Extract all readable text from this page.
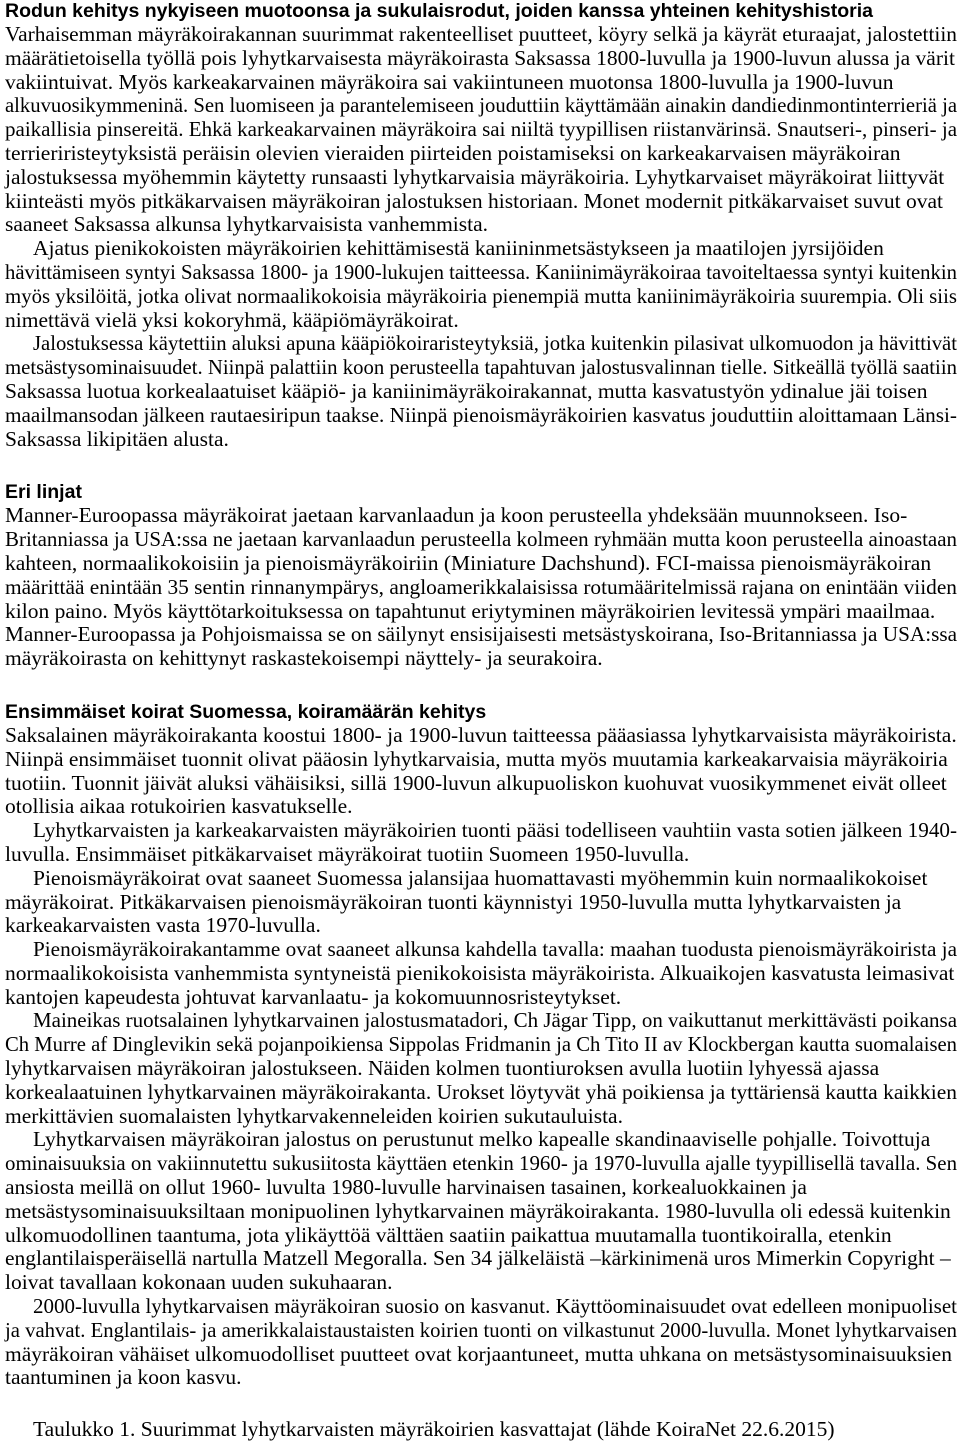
Rodun kehitys nykyiseen muotoonsa ja sukulaisrodut, joiden kanssa yhteinen kehityshistoria

Varhaisemman mäyräkoirakannan suurimmat rakenteelliset puutteet, köyry selkä ja käyrät eturaajat, jalostettiin
määrätietoisella työllä pois lyhytkarvaisesta mäyräkoirasta Saksassa 1800-luvulla ja 1900-luvun alussa ja värit
vakiintuivat. Myös karkeakarvainen mäyräkoira sai vakiintuneen muotonsa 1800-luvulla ja 1900-luvun
alkuvuosikymmeninä. Sen luomiseen ja parantelemiseen jouduttiin käyttämään ainakin dandiedinmontinterrieriä ja
paikallisia pinsereitä. Ehkä karkeakarvainen mäyräkoira sai niiltä tyypillisen riistanvärinsä. Snautseri-, pinseri- ja
terrieriristeytyksistä peräisin olevien vieraiden piirteiden poistamiseksi on karkeakarvaisen mäyräkoiran
jalostuksessa myöhemmin käytetty runsaasti lyhytkarvaisia mäyräkoiria. Lyhytkarvaiset mäyräkoirat liittyvät
kiinteästi myös pitkäkarvaisen mäyräkoiran jalostuksen historiaan. Monet modernit pitkäkarvaiset suvut ovat
saaneet Saksassa alkunsa lyhytkarvaisista vanhemmista.

Ajatus pienikokoisten mäyräkoirien kehittämisestä kaniininmetsästykseen ja maatilojen jyrsijöiden
hävittämiseen syntyi Saksassa 1800- ja 1900-lukujen taitteessa. Kaniinimäyräkoiraa tavoiteltaessa syntyi kuitenkin
myös yksilöitä, jotka olivat normaalikokoisia mäyräkoiria pienempiä mutta kaniinimäyräkoiria suurempia. Oli siis
nimettävä vielä yksi kokoryhmä, kääpiömäyräkoirat.

Jalostuksessa käytettiin aluksi apuna kääpiökoiraristeytyksiä, jotka kuitenkin pilasivat ulkomuodon ja hävittivät
metsästysominaisuudet. Niinpä palattiin koon perusteella tapahtuvan jalostusvalinnan tielle. Sitkeällä työllä saatiin
Saksassa luotua korkealaatuiset kääpiö- ja kaniinimäyräkoirakannat, mutta kasvatustyön ydinalue jäi toisen
maailmansodan jälkeen rautaesiripun taakse. Niinpä pienoismäyräkoirien kasvatus jouduttiin aloittamaan Länsi-
Saksassa likipitäen alusta.

Eri linjat

Manner-Euroopassa mäyräkoirat jaetaan karvanlaadun ja koon perusteella yhdeksään muunnokseen. Iso-
Britanniassa ja USA:ssa ne jaetaan karvanlaadun perusteella kolmeen ryhmään mutta koon perusteella ainoastaan
kahteen, normaalikokoisiin ja pienoismäyräkoiriin (Miniature Dachshund). FCI-maissa pienoismäyräkoiran
määrittää enintään 35 sentin rinnanympärys, angloamerikkalaisissa rotumääritelmissä rajana on enintään viiden
kilon paino. Myös käyttötarkoituksessa on tapahtunut eriytyminen mäyräkoirien levitessä ympäri maailmaa.
Manner-Euroopassa ja Pohjoismaissa se on säilynyt ensisijaisesti metsästyskoirana, Iso-Britanniassa ja USA:ssa
mäyräkoirasta on kehittynyt raskastekoisempi näyttely- ja seurakoira.

Ensimmäiset koirat Suomessa, koiramäärän kehitys

Saksalainen mäyräkoirakanta koostui 1800- ja 1900-luvun taitteessa pääasiassa lyhytkarvaisista mäyräkoirista.
Niinpä ensimmäiset tuonnit olivat pääosin lyhytkarvaisia, mutta myös muutamia karkeakarvaisia mäyräkoiria
tuotiin. Tuonnit jäivät aluksi vähäisiksi, sillä 1900-luvun alkupuoliskon kuohuvat vuosikymmenet eivät olleet
otollisia aikaa rotukoirien kasvatukselle.

Lyhytkarvaisten ja karkeakarvaisten mäyräkoirien tuonti pääsi todelliseen vauhtiin vasta sotien jälkeen 1940-
luvulla. Ensimmäiset pitkäkarvaiset mäyräkoirat tuotiin Suomeen 1950-luvulla.

Pienoismäyräkoirat ovat saaneet Suomessa jalansijaa huomattavasti myöhemmin kuin normaalikokoiset
mäyräkoirat. Pitkäkarvaisen pienoismäyräkoiran tuonti käynnistyi 1950-luvulla mutta lyhytkarvaisten ja
karkeakarvaisten vasta 1970-luvulla.

Pienoismäyräkoirakantamme ovat saaneet alkunsa kahdella tavalla: maahan tuodusta pienoismäyräkoirista ja
normaalikokoisista vanhemmista syntyneistä pienikokoisista mäyräkoirista. Alkuaikojen kasvatusta leimasivat
kantojen kapeudesta johtuvat karvanlaatu- ja kokomuunnosristeytykset.

Maineikas ruotsalainen lyhytkarvainen jalostusmatadori, Ch Jägar Tipp, on vaikuttanut merkittävästi poikansa
Ch Murre af Dinglevikin sekä pojanpoikiensa Sippolas Fridmanin ja Ch Tito II av Klockbergan kautta suomalaisen
lyhytkarvaisen mäyräkoiran jalostukseen. Näiden kolmen tuontiuroksen avulla luotiin lyhyessä ajassa
korkealaatuinen lyhytkarvainen mäyräkoirakanta. Urokset löytyvät yhä poikiensa ja tyttäriensä kautta kaikkien
merkittävien suomalaisten lyhytkarvakenneleiden koirien sukutauluista.

Lyhytkarvaisen mäyräkoiran jalostus on perustunut melko kapealle skandinaaviselle pohjalle. Toivottuja
ominaisuuksia on vakiinnutettu sukusiitosta käyttäen etenkin 1960- ja 1970-luvulla ajalle tyypillisellä tavalla. Sen
ansiosta meillä on ollut 1960- luvulta 1980-luvulle harvinaisen tasainen, korkealuokkainen ja
metsästysominaisuuksiltaan monipuolinen lyhytkarvainen mäyräkoirakanta. 1980-luvulla oli edessä kuitenkin
ulkomuodollinen taantuma, jota ylikäyttöä välttäen saatiin paikattua muutamalla tuontikoiralla, etenkin
englantilaisperäisellä nartulla Matzell Megoralla. Sen 34 jälkeläistä –kärkinimenä uros Mimerkin Copyright –
loivat tavallaan kokonaan uuden sukuhaaran.

2000-luvulla lyhytkarvaisen mäyräkoiran suosio on kasvanut. Käyttöominaisuudet ovat edelleen monipuoliset
ja vahvat. Englantilais- ja amerikkalaistaustaisten koirien tuonti on vilkastunut 2000-luvulla. Monet lyhytkarvaisen
mäyräkoiran vähäiset ulkomuodolliset puutteet ovat korjaantuneet, mutta uhkana on metsästysominaisuuksien
taantuminen ja koon kasvu.

Taulukko 1. Suurimmat lyhytkarvaisten mäyräkoirien kasvattajat (lähde KoiraNet 22.6.2015)
